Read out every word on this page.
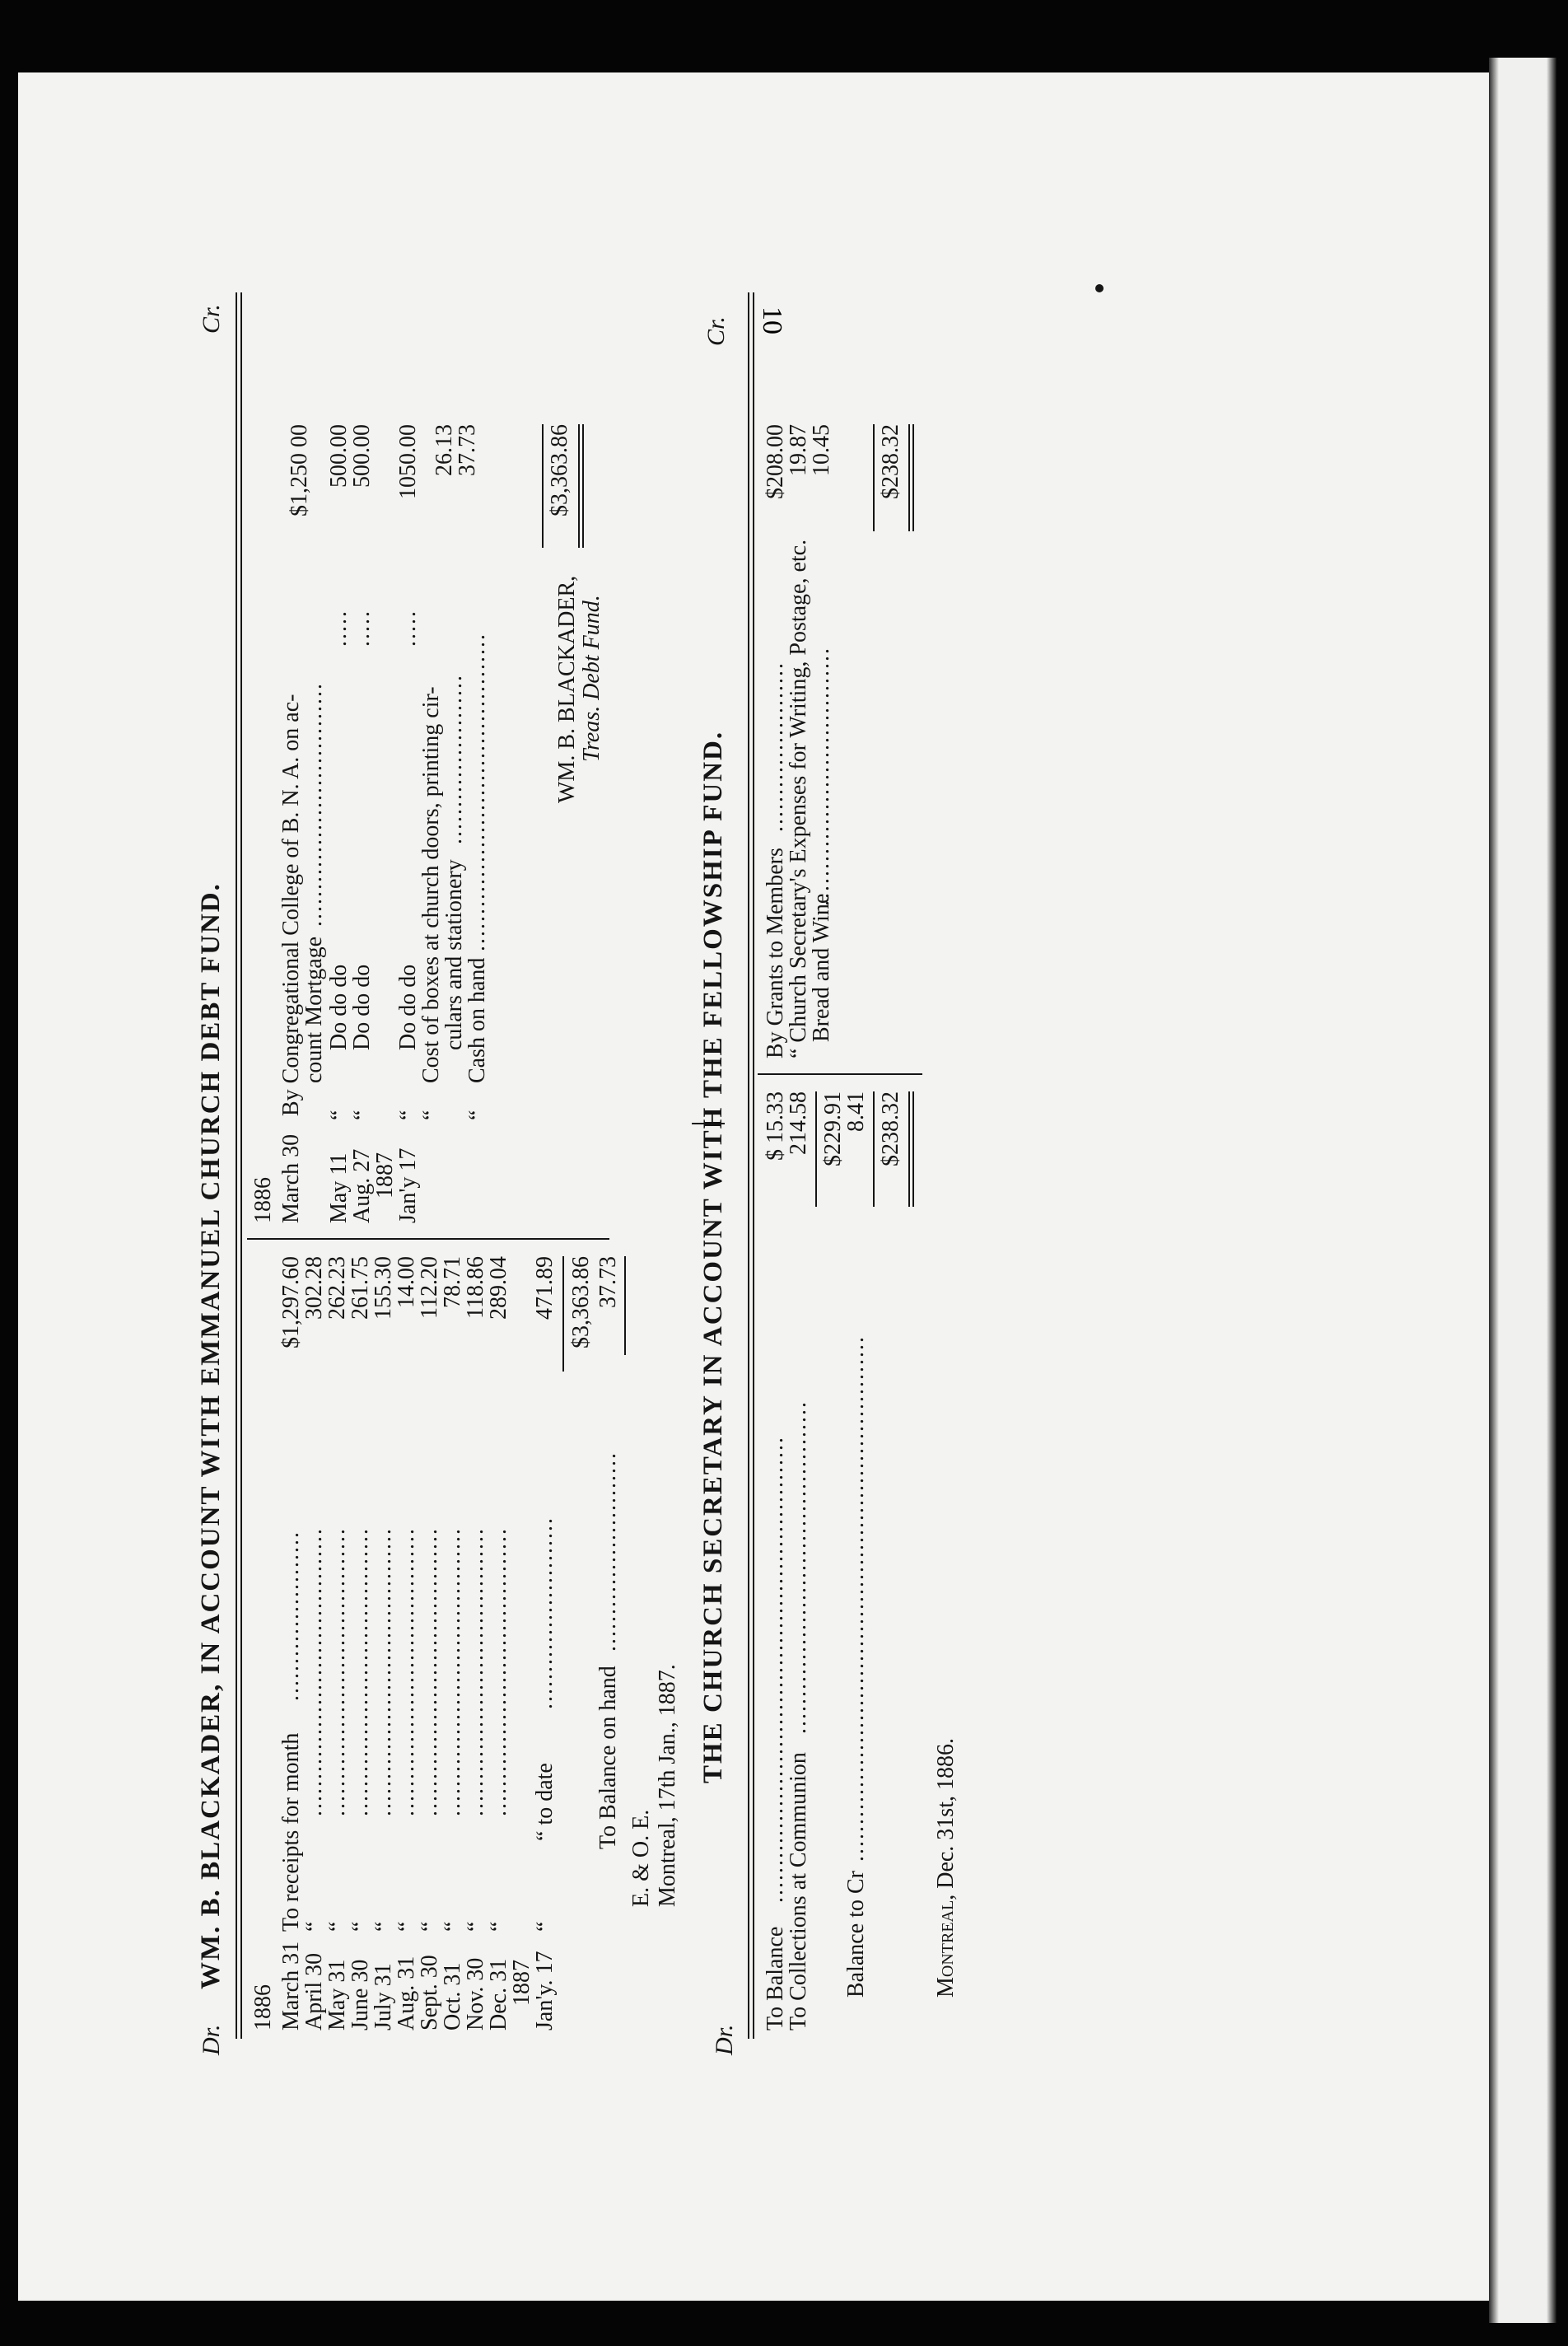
Dr.
WM. B. BLACKADER, IN ACCOUNT WITH EMMANUEL CHURCH DEBT FUND.
Cr.
1886 March 31
To receipts for month
.......................
$1,297.60
April 30
“
.......................................
302.28
May 31
“
.......................................
262.23
June 30
“
.......................................
261.75
July 31
“
.......................................
155.30
Aug. 31
“
.......................................
14.00
Sept. 30
“
.......................................
112.20
Oct. 31
“
.......................................
78.71
Nov. 30
“
.......................................
118.86
Dec. 31
“
.......................................
289.04
1887
Jan'y. 17
“
“ to date
..........................
471.89 $3,363.86
To Balance on hand
...........................
37.73
E. & O. E. Montreal, 17th Jan., 1887.
1886 March 30
By Congregational College of B. N. A. on ac-
count Mortgage
.................................
$1,250 00
May 11
“
Do do do
.....
500.00
Aug. 27
“
Do do do
.....
500.00
1887
Jan'y 17
“
Do do do
.....
1050.00
“
Cost of boxes at church doors, printing cir-
culars and stationery
.......................
26.13
“
Cash on hand
...........................................
37.73	$3,363.86
WM. B. BLACKADER, Treas. Debt Fund.
THE CHURCH SECRETARY IN ACCOUNT WITH THE FELLOWSHIP FUND.
Dr.
Cr.
To Balance
...............................................................
$ 15.33
To Collections at Communion
.............................................
214.58 $229.91
Balance to Cr
.......................................................................
8.41 $238.32
By Grants to Members
.......................
$208.00
“ Church Secretary's Expenses for Writing, Postage, etc.
19.87
Bread and Wine
...................................
10.45 $238.32
Montreal, Dec. 31st, 1886.
10
